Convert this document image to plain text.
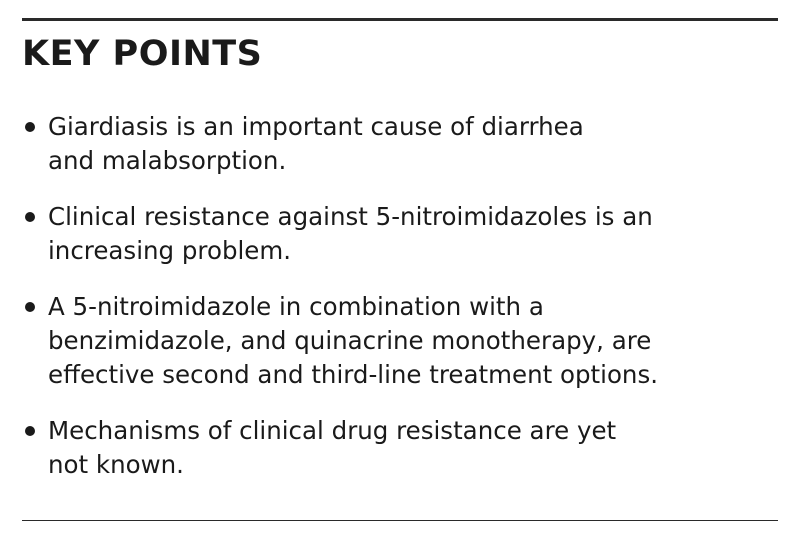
KEY POINTS
Giardiasis is an important cause of diarrhea
and malabsorption.
Clinical resistance against 5-nitroimidazoles is an
increasing problem.
A 5-nitroimidazole in combination with a
benzimidazole, and quinacrine monotherapy, are
effective second and third-line treatment options.
Mechanisms of clinical drug resistance are yet
not known.
